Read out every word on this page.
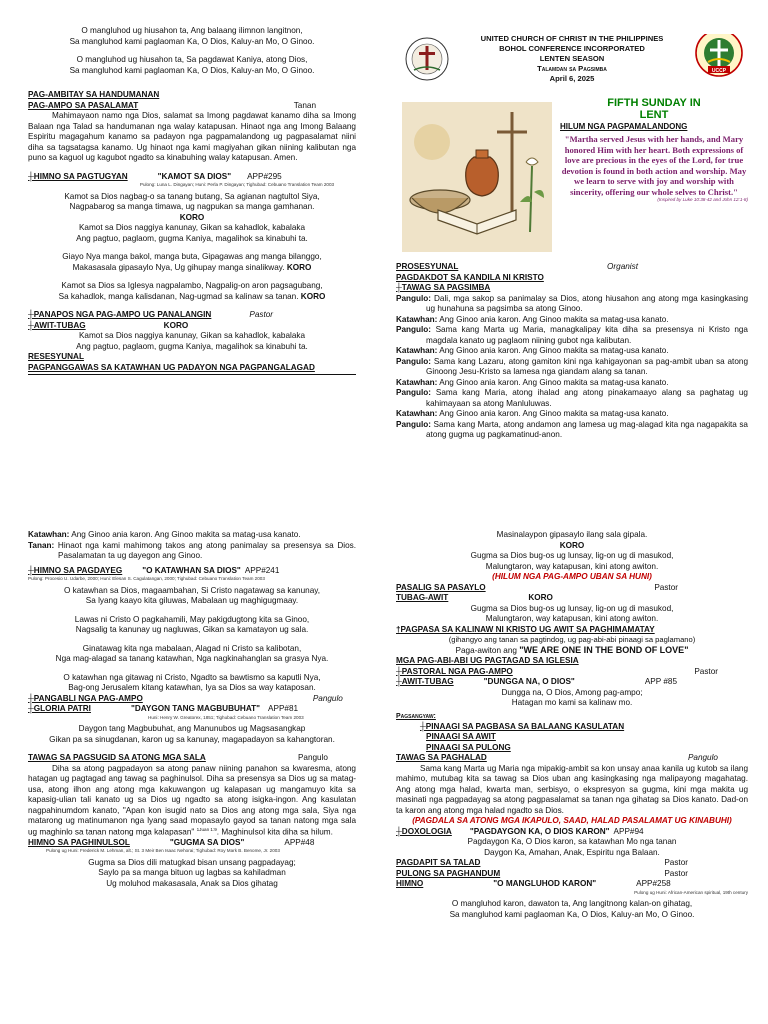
O mangluhod ug hiusahon ta, Ang balaang ilimnon langitnon,
Sa mangluhod kami paglaoman Ka, O Dios, Kaluy-an Mo, O Ginoo.
O mangluhod ug hiusahon ta, Sa pagdawat Kaniya, atong Dios,
Sa mangluhod kami paglaoman Ka, O Dios, Kaluy-an Mo, O Ginoo.
PAG-AMBITAY SA HANDUMANAN
PAG-AMPO SA PASALAMAT	Tanan
Mahimayaon namo nga Dios, salamat sa Imong pagdawat kanamo diha sa Imong Balaan nga Talad sa handumanan nga walay katapusan. Hinaot nga ang Imong Balaang Espiritu magagahum kanamo sa padayon nga pagpamalandong ug pagpasalamat niini diha sa tagsatagsa kanamo. Ug hinaot nga kami magiyahan gikan niining kalibutan nga puno sa kaguol ug kagubot ngadto sa kinabuhing walay katapusan. Amen.
┼HIMNO SA PAGTUGYAN	"KAMOT SA DIOS" APP#295
Pulong: Luna L. Dingayan; Huni: Perla P. Dingayan; Tighubad: Cebuano Translation Team 2003
Kamot sa Dios nagbag-o sa tanang butang, Sa agianan nagtultol Siya,
Nagpabarog sa manga timawa, ug nagpukan sa manga gamhanan.
KORO
Kamot sa Dios naggiya kanunay, Gikan sa kahadlok, kabalaka
Ang pagtuo, paglaom, gugma Kaniya, magalihok sa kinabuhi ta.
Giayo Nya manga bakol, manga buta, Gipagawas ang manga bilanggo,
Makasasala gipasaylo Nya, Ug gihupay manga sinalikway. KORO
Kamot sa Dios sa Iglesya nagpalambo, Nagpalig-on aron pagsagubang,
Sa kahadlok, manga kalisdanan, Nag-ugmad sa kalinaw sa tanan. KORO
┼PANAPOS NGA PAG-AMPO UG PANALANGIN	Pastor
┼AWIT-TUBAG	KORO
Kamot sa Dios naggiya kanunay, Gikan sa kahadlok, kabalaka
Ang pagtuo, paglaom, gugma Kaniya, magalihok sa kinabuhi ta.
RESESYUNAL
PAGPANGGAWAS SA KATAWHAN UG PADAYON NGA PAGPANGALAGAD
UCCP
UNITED CHURCH OF CHRIST IN THE PHILIPPINES
BOHOL CONFERENCE INCORPORATED
LENTEN SEASON
Talamdan sa Pagsimba
April 6, 2025
FIFTH SUNDAY IN
LENT
HILUM NGA PAGPAMALANDONG
"Martha served Jesus with her hands, and Mary honored Him with her heart. Both expressions of love are precious in the eyes of the Lord, for true devotion is found in both action and worship. May we learn to serve with joy and worship with sincerity, offering our whole selves to Christ."
(Inspired by Luke 10:38-42 and John 12:1-8)
PROSESYUNAL	Organist
PAGDAKDOT SA KANDILA NI KRISTO
┼TAWAG SA PAGSIMBA
Pangulo: Dali, mga sakop sa panimalay sa Dios, atong hiusahon ang atong mga kasingkasing ug hunahuna sa pagsimba sa atong Ginoo.
Katawhan: Ang Ginoo ania karon. Ang Ginoo makita sa matag-usa kanato.
Pangulo: Sama kang Marta ug Maria, managkalipay kita diha sa presensya ni Kristo nga magdala kanato ug paglaom niining gubot nga kalibutan.
Katawhan: Ang Ginoo ania karon. Ang Ginoo makita sa matag-usa kanato.
Pangulo: Sama kang Lazaru, atong gamiton kini nga kahigayonan sa pag-ambit uban sa atong Ginoong Jesu-Kristo sa lamesa nga giandam alang sa tanan.
Katawhan: Ang Ginoo ania karon. Ang Ginoo makita sa matag-usa kanato.
Pangulo: Sama kang Maria, atong ihalad ang atong pinakamaayo alang sa paghatag ug kahimayaan sa atong Manluluwas.
Katawhan: Ang Ginoo ania karon. Ang Ginoo makita sa matag-usa kanato.
Pangulo: Sama kang Marta, atong andamon ang lamesa ug mag-alagad kita nga nagapakita sa atong gugma ug pagkamatinud-anon.
Katawhan: Ang Ginoo ania karon. Ang Ginoo makita sa matag-usa kanato.
Tanan: Hinaot nga kami mahimong takos ang atong panimalay sa presensya sa Dios. Pasalamatan ta ug dayegon ang Ginoo.
┼HIMNO SA PAGDAYEG "O KATAWHAN SA DIOS" APP#241
Pulong: Procesio U. Udarbe, 2000; Huni: Elesan S. Cagulatangan, 2000; Tighubad: Cebuano Translation Team 2003
O katawhan sa Dios, magaambahan, Si Cristo nagatawag sa kanunay,
Sa lyang kaayo kita giluwas, Mabalaan ug maghigugmaay.
Lawas ni Cristo O pagkahamili, May pakigdugtong kita sa Ginoo,
Nagsalig ta kanunay ug nagluwas, Gikan sa kamatayon ug sala.
Ginatawag kita nga mabalaan, Alagad ni Cristo sa kalibotan,
Nga mag-alagad sa tanang katawhan, Nga nagkinahanglan sa grasya Nya.
O katawhan nga gitawag ni Cristo, Ngadto sa bawtismo sa kaputli Nya,
Bag-ong Jerusalem kitang katawhan, Iya sa Dios sa way kataposan.
┼PANGABLI NGA PAG-AMPO	Pangulo
┼GLORIA PATRI	"DAYGON TANG MAGBUBUHAT" APP#81
Huni: Henry W. Greatorex, 1851; Tighubad: Cebuano Translation Team 2003
Daygon tang Magbubuhat, ang Manunubos ug Magsasangkap
Gikan pa sa sinugdanan, karon ug sa kanunay, magapadayon sa kahangtoran.
TAWAG SA PAGSUGID SA ATONG MGA SALA	Pangulo
Diha sa atong pagpadayon sa atong panaw niining panahon sa kwaresma, atong hatagan ug pagtagad ang tawag sa paghinulsol. Diha sa presensya sa Dios ug sa matag-usa, atong ilhon ang atong mga kakuwangon ug kalapasan ug mangamuyo kita sa kapasig-ulian tali kanato ug sa Dios ug ngadto sa atong isigka-ingon. Ang kasulatan nagpahinumdom kanato, "Apan kon isugid nato sa Dios ang atong mga sala, Siya nga matarong ug matinumanon nga lyang saad mopasaylo gayod sa tanan natong mga sala ug maghinlo sa tanan natong mga kalapasan" $^{1Juan 1:9}$. Maghinulsol kita diha sa hilum.
HIMNO SA PAGHINULSOL	"GUGMA SA DIOS"	APP#48
Pulong ug Huni: Frederick M. Lehman, alt.; St. 3 Meir Ben Isaac Nehorai; Tighubad: Roy Mark B. Benome, Jr. 2003
Gugma sa Dios dili matugkad bisan unsang pagpadayag;
Saylo pa sa manga bituon ug lagbas sa kahiladman
Ug moluhod makasasala, Anak sa Dios gihatag
Masinalaypon gipasaylo ilang sala gipala.
KORO
Gugma sa Dios bug-os ug lunsay, lig-on ug di masukod,
Malungtaron, way katapusan, kini atong awiton.
(HILUM NGA PAG-AMPO UBAN SA HUNI)
PASALIG SA PASAYLO	Pastor
TUBAG-AWIT	KORO
Gugma sa Dios bug-os ug lunsay, lig-on ug di masukod,
Malungtaron, way katapusan, kini atong awiton.
†PAGPASA SA KALINAW NI KRISTO UG AWIT SA PAGHIMAMATAY
(gihangyo ang tanan sa pagtindog, ug pag-abi-abi pinaagi sa paglamano)
Paga-awiton ang "WE ARE ONE IN THE BOND OF LOVE"
MGA PAG-ABI-ABI UG PAGTAGAD SA IGLESIA
┼PASTORAL NGA PAG-AMPO	Pastor
┼AWIT-TUBAG	"DUNGGA NA, O DIOS"	APP #85
Dungga na, O Dios, Among pag-ampo;
Hatagan mo kami sa kalinaw mo.
Pagsangyaw:
┼PINAAGI SA PAGBASA SA BALAANG KASULATAN
PINAAGI SA AWIT
PINAAGI SA PULONG
TAWAG SA PAGHALAD	Pangulo
Sama kang Marta ug Maria nga mipakig-ambit sa kon unsay anaa kanila ug kutob sa ilang mahimo, mutubag kita sa tawag sa Dios uban ang kasingkasing nga malipayong magahatag. Ang atong mga halad, kwarta man, serbisyo, o ekspresyon sa gugma, kini mga makita ug masinati nga pagpadayag sa atong pagpasalamat sa tanan nga gihatag sa Dios kanato. Dad-on ta karon ang atong mga halad ngadto sa Dios.
(PAGDALA SA ATONG MGA IKAPULO, SAAD, HALAD PASALAMAT UG KINABUHI)
┼DOXOLOGIA "PAGDAYGON KA, O DIOS KARON" APP#94
Pagdaygon Ka, O Dios karon, sa katawhan Mo nga tanan
Daygon Ka, Amahan, Anak, Espiritu nga Balaan.
PAGDAPIT SA TALAD	Pastor
PULONG SA PAGHANDUM	Pastor
HIMNO	"O MANGLUHOD KARON"	APP#258
Pulong ug Huni: African-American spiritual, 19th century
O mangluhod karon, dawaton ta, Ang langitnong kalan-on gihatag,
Sa mangluhod kami paglaoman Ka, O Dios, Kaluy-an Mo, O Ginoo.
